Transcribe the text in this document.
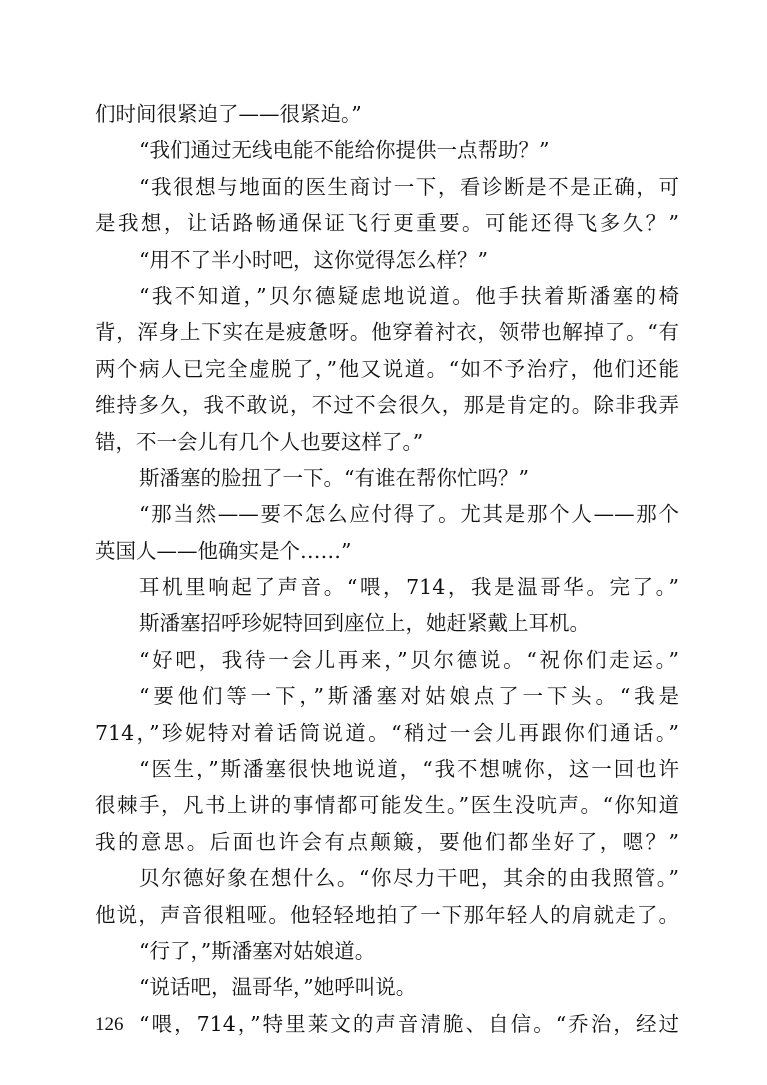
们时间很紧迫了——很紧迫。”
“我们通过无线电能不能给你提供一点帮助？”
“我很想与地面的医生商讨一下，看诊断是不是正确，可
是我想，让话路畅通保证飞行更重要。可能还得飞多久？”
“用不了半小时吧，这你觉得怎么样？”
“我不知道，”贝尔德疑虑地说道。他手扶着斯潘塞的椅
背，浑身上下实在是疲惫呀。他穿着衬衣，领带也解掉了。“有
两个病人已完全虚脱了，”他又说道。“如不予治疗，他们还能
维持多久，我不敢说，不过不会很久，那是肯定的。除非我弄
错，不一会儿有几个人也要这样了。”
斯潘塞的脸扭了一下。“有谁在帮你忙吗？”
“那当然——要不怎么应付得了。尤其是那个人——那个
英国人——他确实是个……”
耳机里响起了声音。“喂，714，我是温哥华。完了。”
斯潘塞招呼珍妮特回到座位上，她赶紧戴上耳机。
“好吧，我待一会儿再来，”贝尔德说。“祝你们走运。”
“要他们等一下，”斯潘塞对姑娘点了一下头。“我是
714，”珍妮特对着话筒说道。“稍过一会儿再跟你们通话。”
“医生，”斯潘塞很快地说道，“我不想唬你，这一回也许
很棘手，凡书上讲的事情都可能发生。”医生没吭声。“你知道
我的意思。后面也许会有点颠簸，要他们都坐好了，嗯？”
贝尔德好象在想什么。“你尽力干吧，其余的由我照管。”
他说，声音很粗哑。他轻轻地拍了一下那年轻人的肩就走了。
“行了，”斯潘塞对姑娘道。
“说话吧，温哥华，”她呼叫说。
“喂，714，”特里莱文的声音清脆、自信。“乔治，经过
126
